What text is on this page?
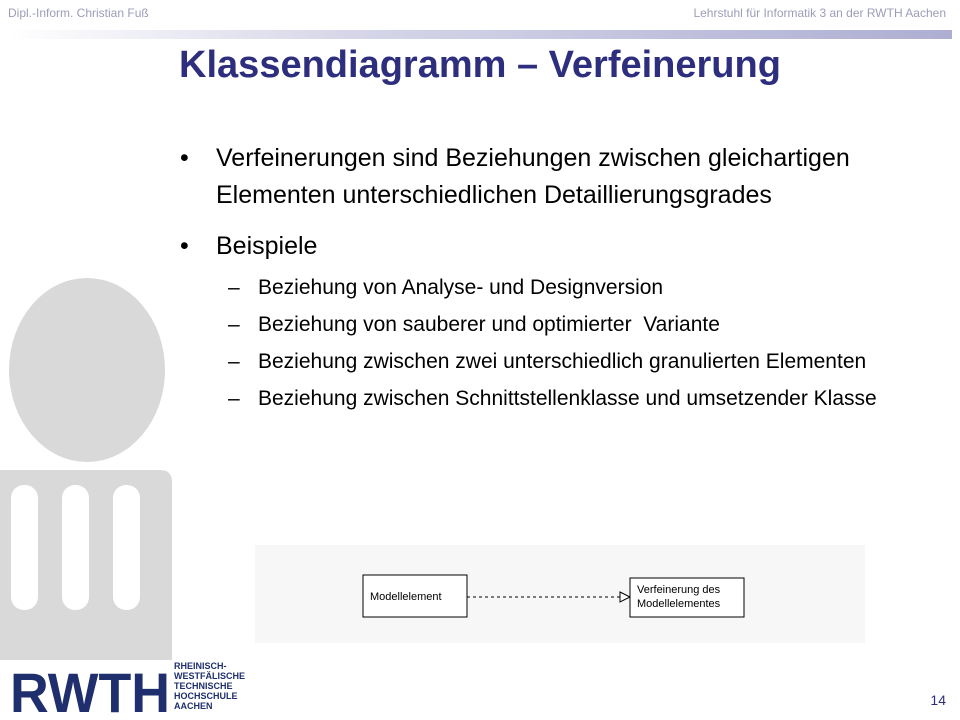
Dipl.-Inform. Christian Fuß	Lehrstuhl für Informatik 3 an der RWTH Aachen
Klassendiagramm – Verfeinerung
• Verfeinerungen sind Beziehungen zwischen gleichartigen Elementen unterschiedlichen Detaillierungsgrades
• Beispiele
– Beziehung von Analyse- und Designversion
– Beziehung von sauberer und optimierter  Variante
– Beziehung zwischen zwei unterschiedlich granulierten Elementen
– Beziehung zwischen Schnittstellenklasse und umsetzender Klasse
Modellelement
Verfeinerung des
Modellelementes
RWTH RHEINISCH-
WESTFÄLISCHE
TECHNISCHE
HOCHSCHULE
AACHEN	14
